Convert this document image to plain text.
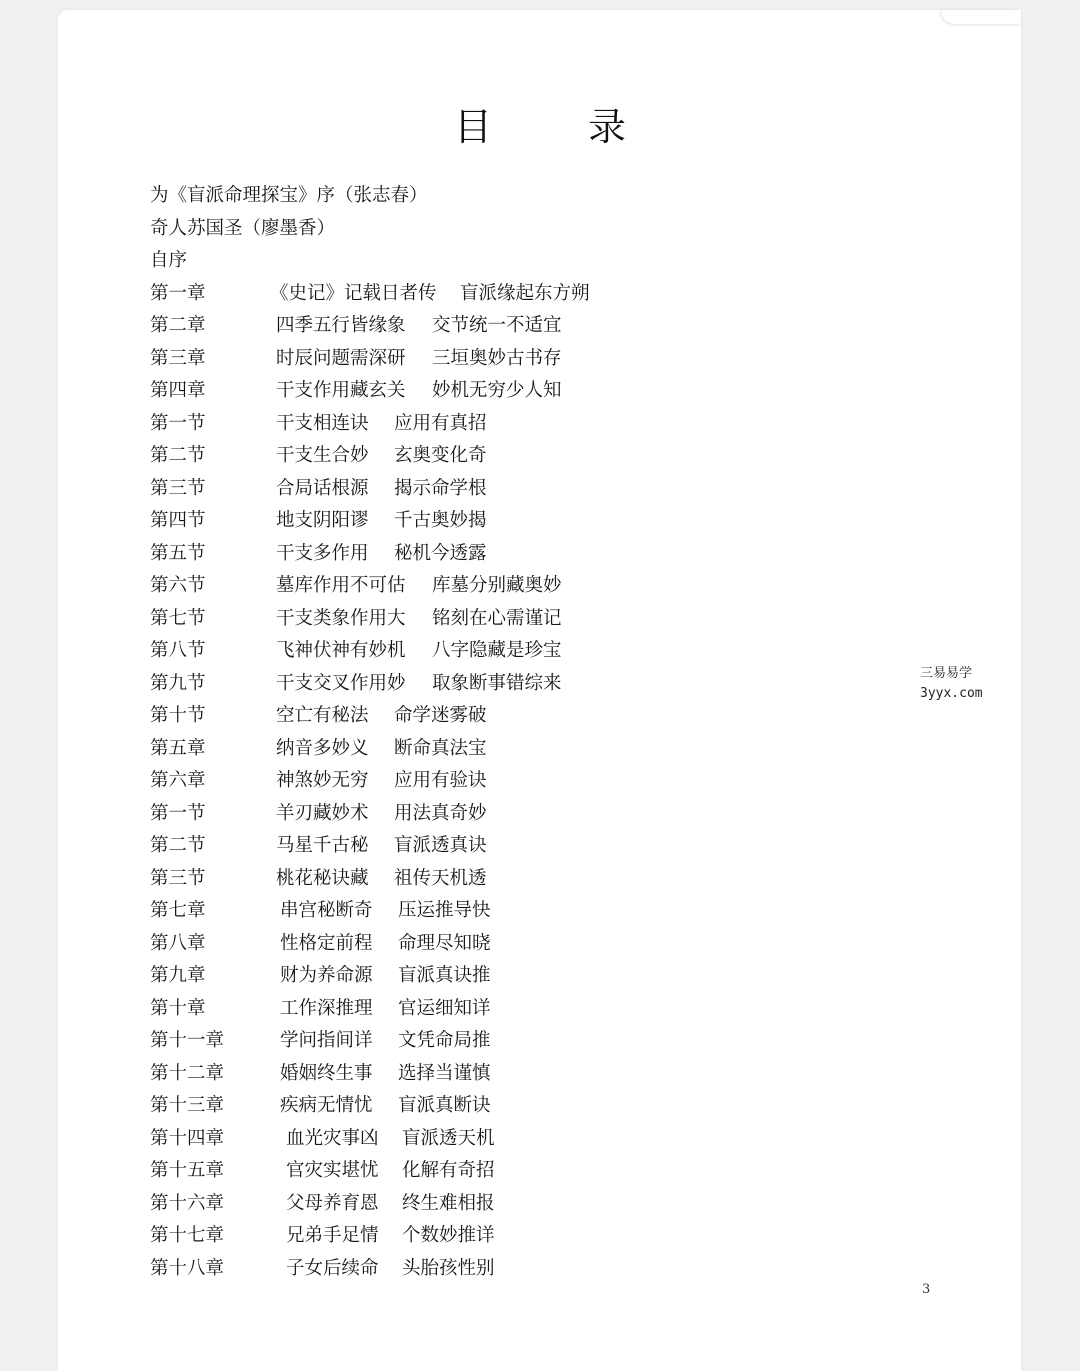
目 录
为《盲派命理探宝》序（张志春）
奇人苏国圣（廖墨香）
自序
第一章	《史记》记载日者传 盲派缘起东方朔
第二章	四季五行皆缘象 交节统一不适宜
第三章	时辰问题需深研 三垣奥妙古书存
第四章	干支作用藏玄关 妙机无穷少人知
第一节	干支相连诀 应用有真招
第二节	干支生合妙 玄奥变化奇
第三节	合局话根源 揭示命学根
第四节	地支阴阳谬 千古奥妙揭
第五节	干支多作用 秘机今透露
第六节	墓库作用不可估 库墓分别藏奥妙
第七节	干支类象作用大 铭刻在心需谨记
第八节	飞神伏神有妙机 八字隐藏是珍宝
第九节	干支交叉作用妙 取象断事错综来
第十节	空亡有秘法 命学迷雾破
第五章	纳音多妙义 断命真法宝
第六章	神煞妙无穷 应用有验诀
第一节	羊刃藏妙术 用法真奇妙
第二节	马星千古秘 盲派透真诀
第三节	桃花秘诀藏 祖传天机透
第七章	串宫秘断奇 压运推导快
第八章	性格定前程 命理尽知晓
第九章	财为养命源 盲派真诀推
第十章	工作深推理 官运细知详
第十一章	学问指间详 文凭命局推
第十二章	婚姻终生事 选择当谨慎
第十三章	疾病无情忧 盲派真断诀
第十四章	血光灾事凶 盲派透天机
第十五章	官灾实堪忧 化解有奇招
第十六章	父母养育恩 终生难相报
第十七章	兄弟手足情 个数妙推详
第十八章	子女后续命 头胎孩性别
三易易学
3yyx.com
3
